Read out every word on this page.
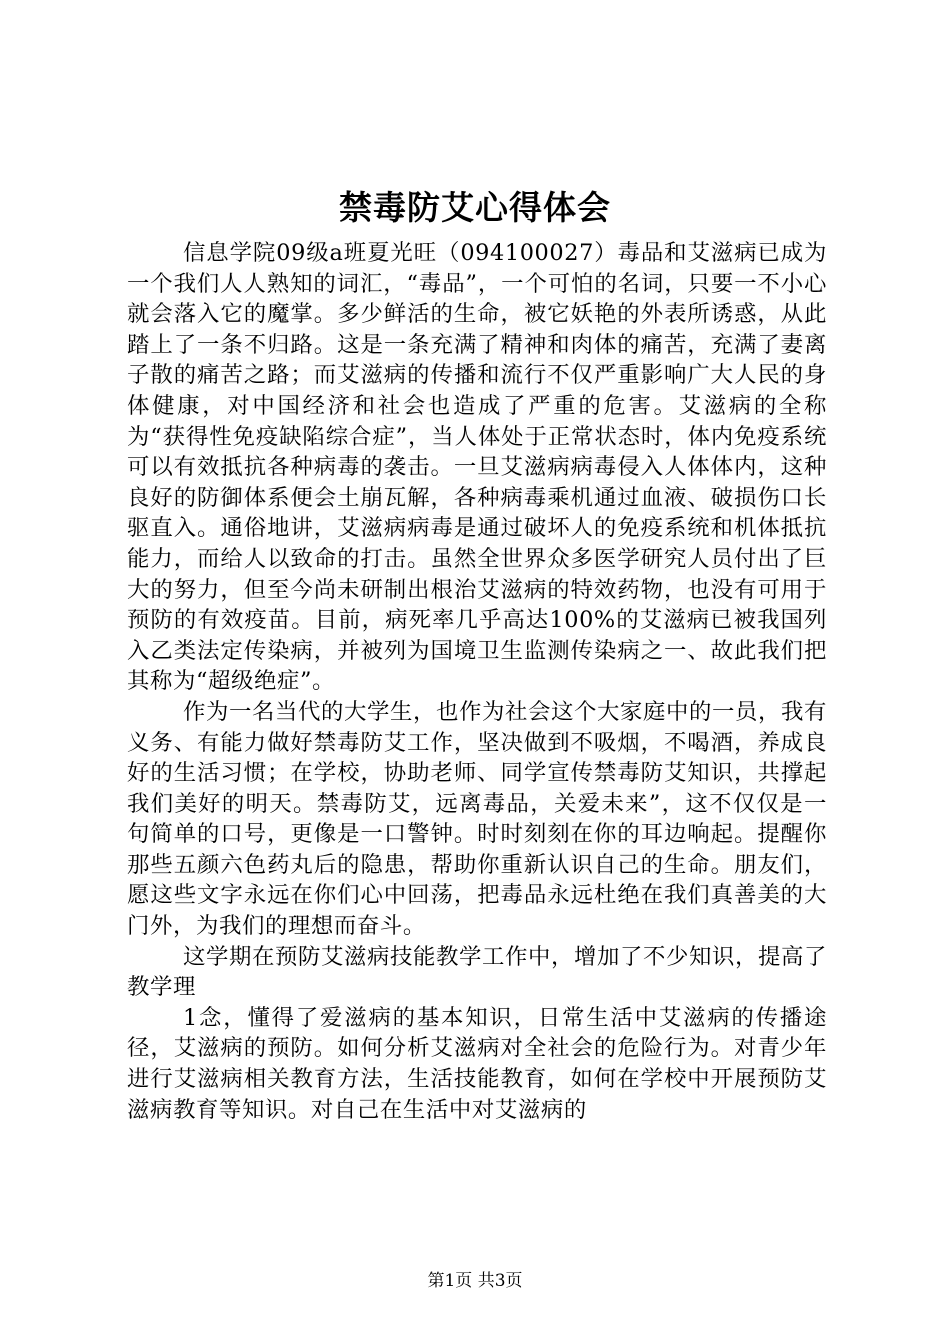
禁毒防艾心得体会

信息学院09级a班夏光旺（094100027）毒品和艾滋病已成为一个我们人人熟知的词汇，“毒品”，一个可怕的名词，只要一不小心就会落入它的魔掌。多少鲜活的生命，被它妖艳的外表所诱惑，从此踏上了一条不归路。这是一条充满了精神和肉体的痛苦，充满了妻离子散的痛苦之路；而艾滋病的传播和流行不仅严重影响广大人民的身体健康，对中国经济和社会也造成了严重的危害。艾滋病的全称为“获得性免疫缺陷综合症”，当人体处于正常状态时，体内免疫系统可以有效抵抗各种病毒的袭击。一旦艾滋病病毒侵入人体体内，这种良好的防御体系便会土崩瓦解，各种病毒乘机通过血液、破损伤口长驱直入。通俗地讲，艾滋病病毒是通过破坏人的免疫系统和机体抵抗能力，而给人以致命的打击。虽然全世界众多医学研究人员付出了巨大的努力，但至今尚未研制出根治艾滋病的特效药物，也没有可用于预防的有效疫苗。目前，病死率几乎高达100%的艾滋病已被我国列入乙类法定传染病，并被列为国境卫生监测传染病之一、故此我们把其称为“超级绝症”。

作为一名当代的大学生，也作为社会这个大家庭中的一员，我有义务、有能力做好禁毒防艾工作，坚决做到不吸烟，不喝酒，养成良好的生活习惯；在学校，协助老师、同学宣传禁毒防艾知识，共撑起我们美好的明天。禁毒防艾，远离毒品，关爱未来”，这不仅仅是一句简单的口号，更像是一口警钟。时时刻刻在你的耳边响起。提醒你那些五颜六色药丸后的隐患，帮助你重新认识自己的生命。朋友们，愿这些文字永远在你们心中回荡，把毒品永远杜绝在我们真善美的大门外，为我们的理想而奋斗。

这学期在预防艾滋病技能教学工作中，增加了不少知识，提高了教学理

1念，懂得了爱滋病的基本知识，日常生活中艾滋病的传播途径，艾滋病的预防。如何分析艾滋病对全社会的危险行为。对青少年进行艾滋病相关教育方法，生活技能教育，如何在学校中开展预防艾滋病教育等知识。对自己在生活中对艾滋病的

第1页 共3页
